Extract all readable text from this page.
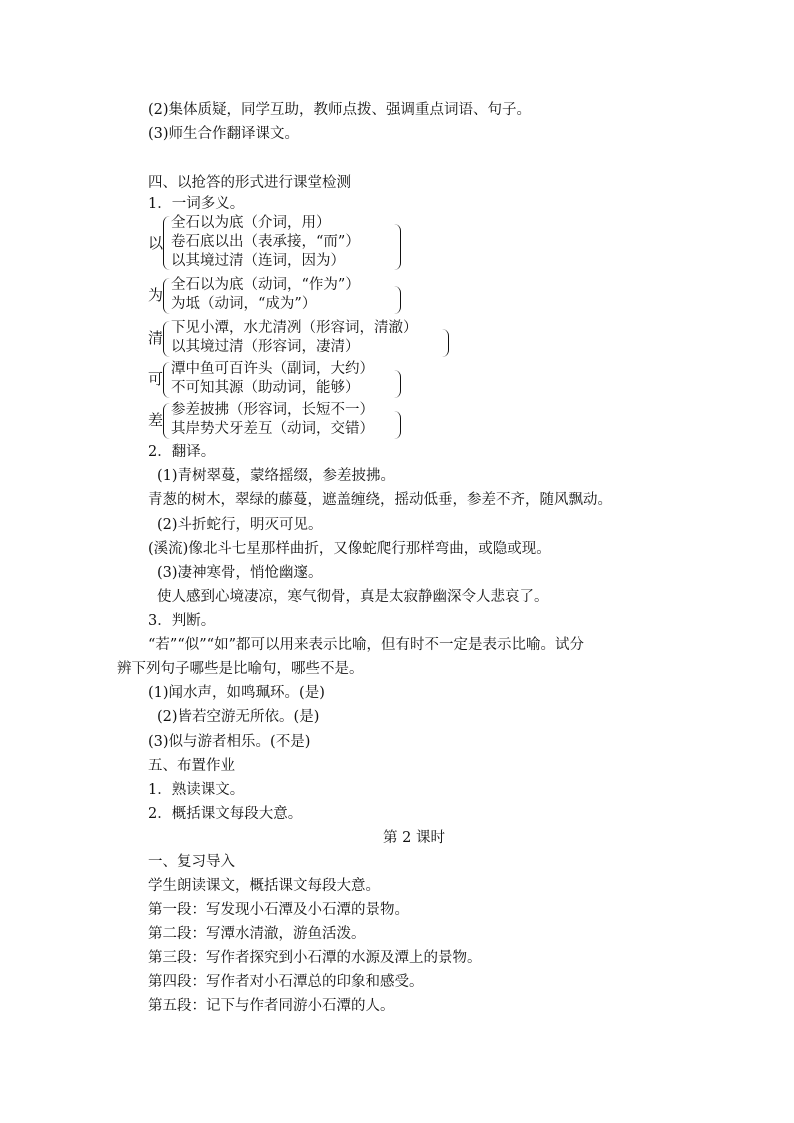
(2)集体质疑，同学互助，教师点拨、强调重点词语、句子。
(3)师生合作翻译课文。
四、以抢答的形式进行课堂检测
1．一词多义。
以
全石以为底（介词，用）
卷石底以出（表承接，“而”）
以其境过清（连词，因为）
为
全石以为底（动词，“作为”）
为坻（动词，“成为”）
清
下见小潭，水尤清冽（形容词，清澈）
以其境过清（形容词，凄清）
可
潭中鱼可百许头（副词，大约）
不可知其源（助动词，能够）
差
参差披拂（形容词，长短不一）
其岸势犬牙差互（动词，交错）
2．翻译。
(1)青树翠蔓，蒙络摇缀，参差披拂。
青葱的树木，翠绿的藤蔓，遮盖缠绕，摇动低垂，参差不齐，随风飘动。
(2)斗折蛇行，明灭可见。
(溪流)像北斗七星那样曲折，又像蛇爬行那样弯曲，或隐或现。
(3)凄神寒骨，悄怆幽邃。
使人感到心境凄凉，寒气彻骨，真是太寂静幽深令人悲哀了。
3．判断。
“若”“似”“如”都可以用来表示比喻，但有时不一定是表示比喻。试分
辨下列句子哪些是比喻句，哪些不是。
(1)闻水声，如鸣珮环。(是)
(2)皆若空游无所依。(是)
(3)似与游者相乐。(不是)
五、布置作业
1．熟读课文。
2．概括课文每段大意。
第 2 课时
一、复习导入
学生朗读课文，概括课文每段大意。
第一段：写发现小石潭及小石潭的景物。
第二段：写潭水清澈，游鱼活泼。
第三段：写作者探究到小石潭的水源及潭上的景物。
第四段：写作者对小石潭总的印象和感受。
第五段：记下与作者同游小石潭的人。
